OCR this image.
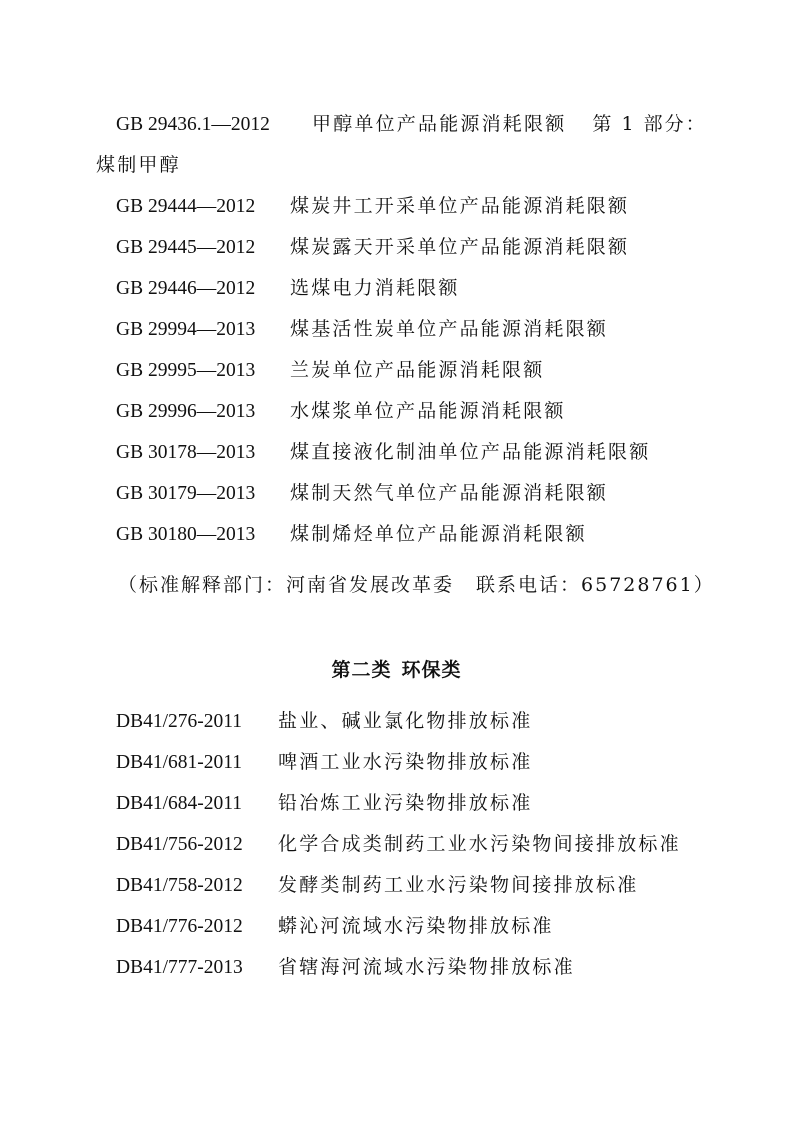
GB 29436.1—2012 甲醇单位产品能源消耗限额 第 1 部分：
煤制甲醇
GB 29444—2012 煤炭井工开采单位产品能源消耗限额
GB 29445—2012 煤炭露天开采单位产品能源消耗限额
GB 29446—2012 选煤电力消耗限额
GB 29994—2013 煤基活性炭单位产品能源消耗限额
GB 29995—2013 兰炭单位产品能源消耗限额
GB 29996—2013 水煤浆单位产品能源消耗限额
GB 30178—2013 煤直接液化制油单位产品能源消耗限额
GB 30179—2013 煤制天然气单位产品能源消耗限额
GB 30180—2013 煤制烯烃单位产品能源消耗限额
（标准解释部门：河南省发展改革委 联系电话：65728761）
第二类 环保类
DB41/276-2011 盐业、碱业氯化物排放标准
DB41/681-2011 啤酒工业水污染物排放标准
DB41/684-2011 铅冶炼工业污染物排放标准
DB41/756-2012 化学合成类制药工业水污染物间接排放标准
DB41/758-2012 发酵类制药工业水污染物间接排放标准
DB41/776-2012 蟒沁河流域水污染物排放标准
DB41/777-2013 省辖海河流域水污染物排放标准
